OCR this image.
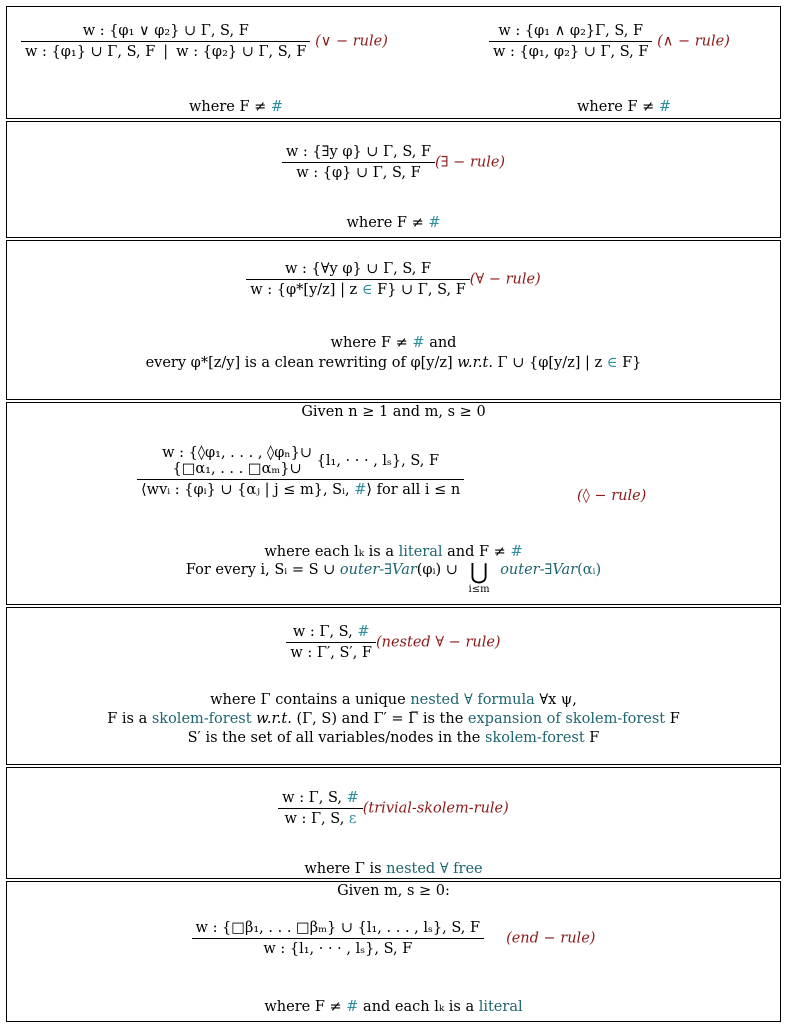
$\frac{\text{w : \{φ₁ ∨ φ₂\} ∪ Γ, S, F}}{\text{w : \{φ₁\} ∪ Γ, S, F | w : \{φ₂\} ∪ Γ, S, F}}$ (∨ − rule)
where F ≠ #
$\frac{\text{w : \{φ₁ ∧ φ₂\}Γ, S, F}}{\text{w : \{φ₁, φ₂\} ∪ Γ, S, F}}$ (∧ − rule)
where F ≠ #
$\frac{\text{w : \{∃y φ\} ∪ Γ, S, F}}{w : \{\varphi\} \cup \Gamma, S, F}$ (∃ − rule)
where F ≠ #
$\frac{\text{w : \{∀y φ\} ∪ Γ, S, F}}{w : \{\varphi*[y/z] | z \in F\} \cup \Gamma, S, F}$ (∀ − rule)
where F ≠ # and
every φ*[z/y] is a clean rewriting of φ[y/z] w.r.t. Γ ∪ {φ[y/z] | z ∈ F}
Given n ≥ 1 and m, s ≥ 0
w : {◊φ₁, . . . , ◊φₙ}∪
{□α₁, . . . □αₘ}∪	{l₁, · · · , lₛ}, S, F
⟨wvᵢ : {φᵢ} ∪ {αⱼ | j ≤ m}, Sᵢ, #⟩ for all i ≤ n	(◊ − rule)
where each lₖ is a literal and F ≠ #
For every i, Sᵢ = S ∪ outer-∃Var(φᵢ) ∪ ⋃
i≤m
outer-∃Var(αᵢ)
$\frac{w : \Gamma, S, \#}{w : \Gamma', S', F}$ (nested ∀ − rule)
where Γ contains a unique nested ∀ formula ∀x ψ,
F is a skolem-forest w.r.t. (Γ, S) and Γ′ = Γ̅ is the expansion of skolem-forest F
S′ is the set of all variables/nodes in the skolem-forest F
$\frac{w : \Gamma, S, \#}{w : \Gamma, S, \varepsilon}$ (trivial-skolem-rule)
where Γ is nested ∀ free
Given m, s ≥ 0:
$\frac{\text{w : \{□β₁, . . . □βₘ\} ∪ \{l₁, . . . , lₛ\}, S, F}}{\text{w : \{l₁, · · · , lₛ\}, S, F}} (end$ − rule)
where F ≠ # and each lₖ is a literal
